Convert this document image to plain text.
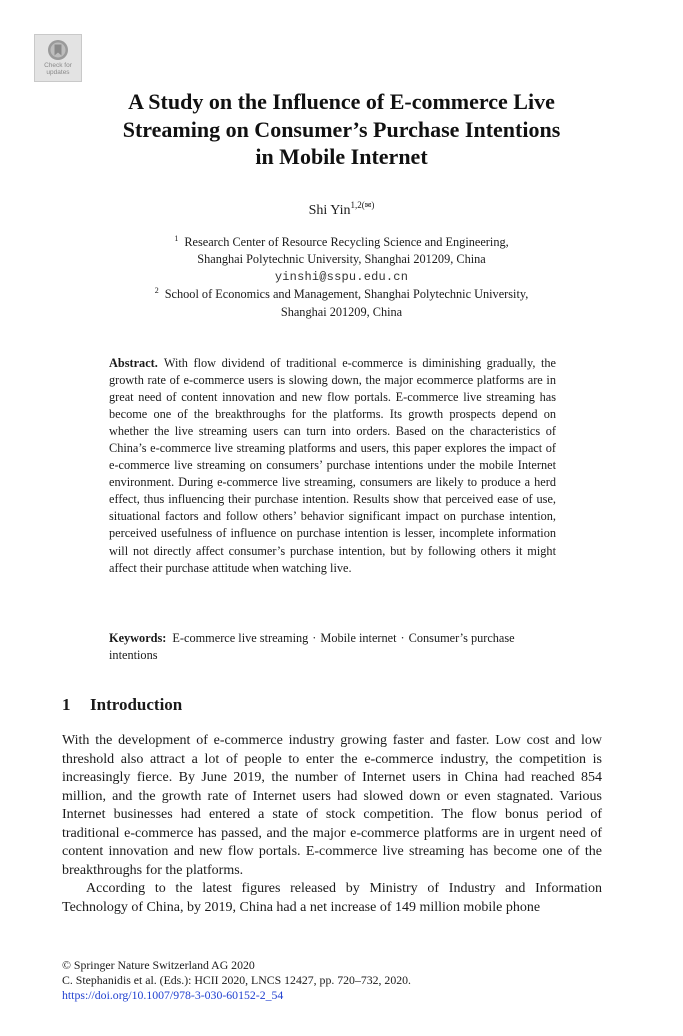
Check for
updates
A Study on the Influence of E-commerce Live
Streaming on Consumer’s Purchase Intentions
in Mobile Internet
Shi Yin$^{1,2(✉)}$
$^1$ Research Center of Resource Recycling Science and Engineering,
Shanghai Polytechnic University, Shanghai 201209, China
yinshi@sspu.edu.cn
$^2$ School of Economics and Management, Shanghai Polytechnic University,
Shanghai 201209, China
Abstract. With flow dividend of traditional e-commerce is diminishing gradually, the growth rate of e-commerce users is slowing down, the major ecommerce platforms are in great need of content innovation and new flow portals. E-commerce live streaming has become one of the breakthroughs for the platforms. Its growth prospects depend on whether the live streaming users can turn into orders. Based on the characteristics of China’s e-commerce live streaming platforms and users, this paper explores the impact of e-commerce live streaming on consumers’ purchase intentions under the mobile Internet environment. During e-commerce live streaming, consumers are likely to produce a herd effect, thus influencing their purchase intention. Results show that perceived ease of use, situational factors and follow others’ behavior significant impact on purchase intention, perceived usefulness of influence on purchase intention is lesser, incomplete information will not directly affect consumer’s purchase intention, but by following others it might affect their purchase attitude when watching live.
Keywords: E-commerce live streaming · Mobile internet · Consumer’s purchase intentions
1 Introduction

With the development of e-commerce industry growing faster and faster. Low cost and low threshold also attract a lot of people to enter the e-commerce industry, the competition is increasingly fierce. By June 2019, the number of Internet users in China had reached 854 million, and the growth rate of Internet users had slowed down or even stagnated. Various Internet businesses had entered a state of stock competition. The flow bonus period of traditional e-commerce has passed, and the major e-commerce platforms are in urgent need of content innovation and new flow portals. E-commerce live streaming has become one of the breakthroughs for the platforms.

According to the latest figures released by Ministry of Industry and Information Technology of China, by 2019, China had a net increase of 149 million mobile phone

© Springer Nature Switzerland AG 2020
C. Stephanidis et al. (Eds.): HCII 2020, LNCS 12427, pp. 720–732, 2020.
https://doi.org/10.1007/978-3-030-60152-2_54
